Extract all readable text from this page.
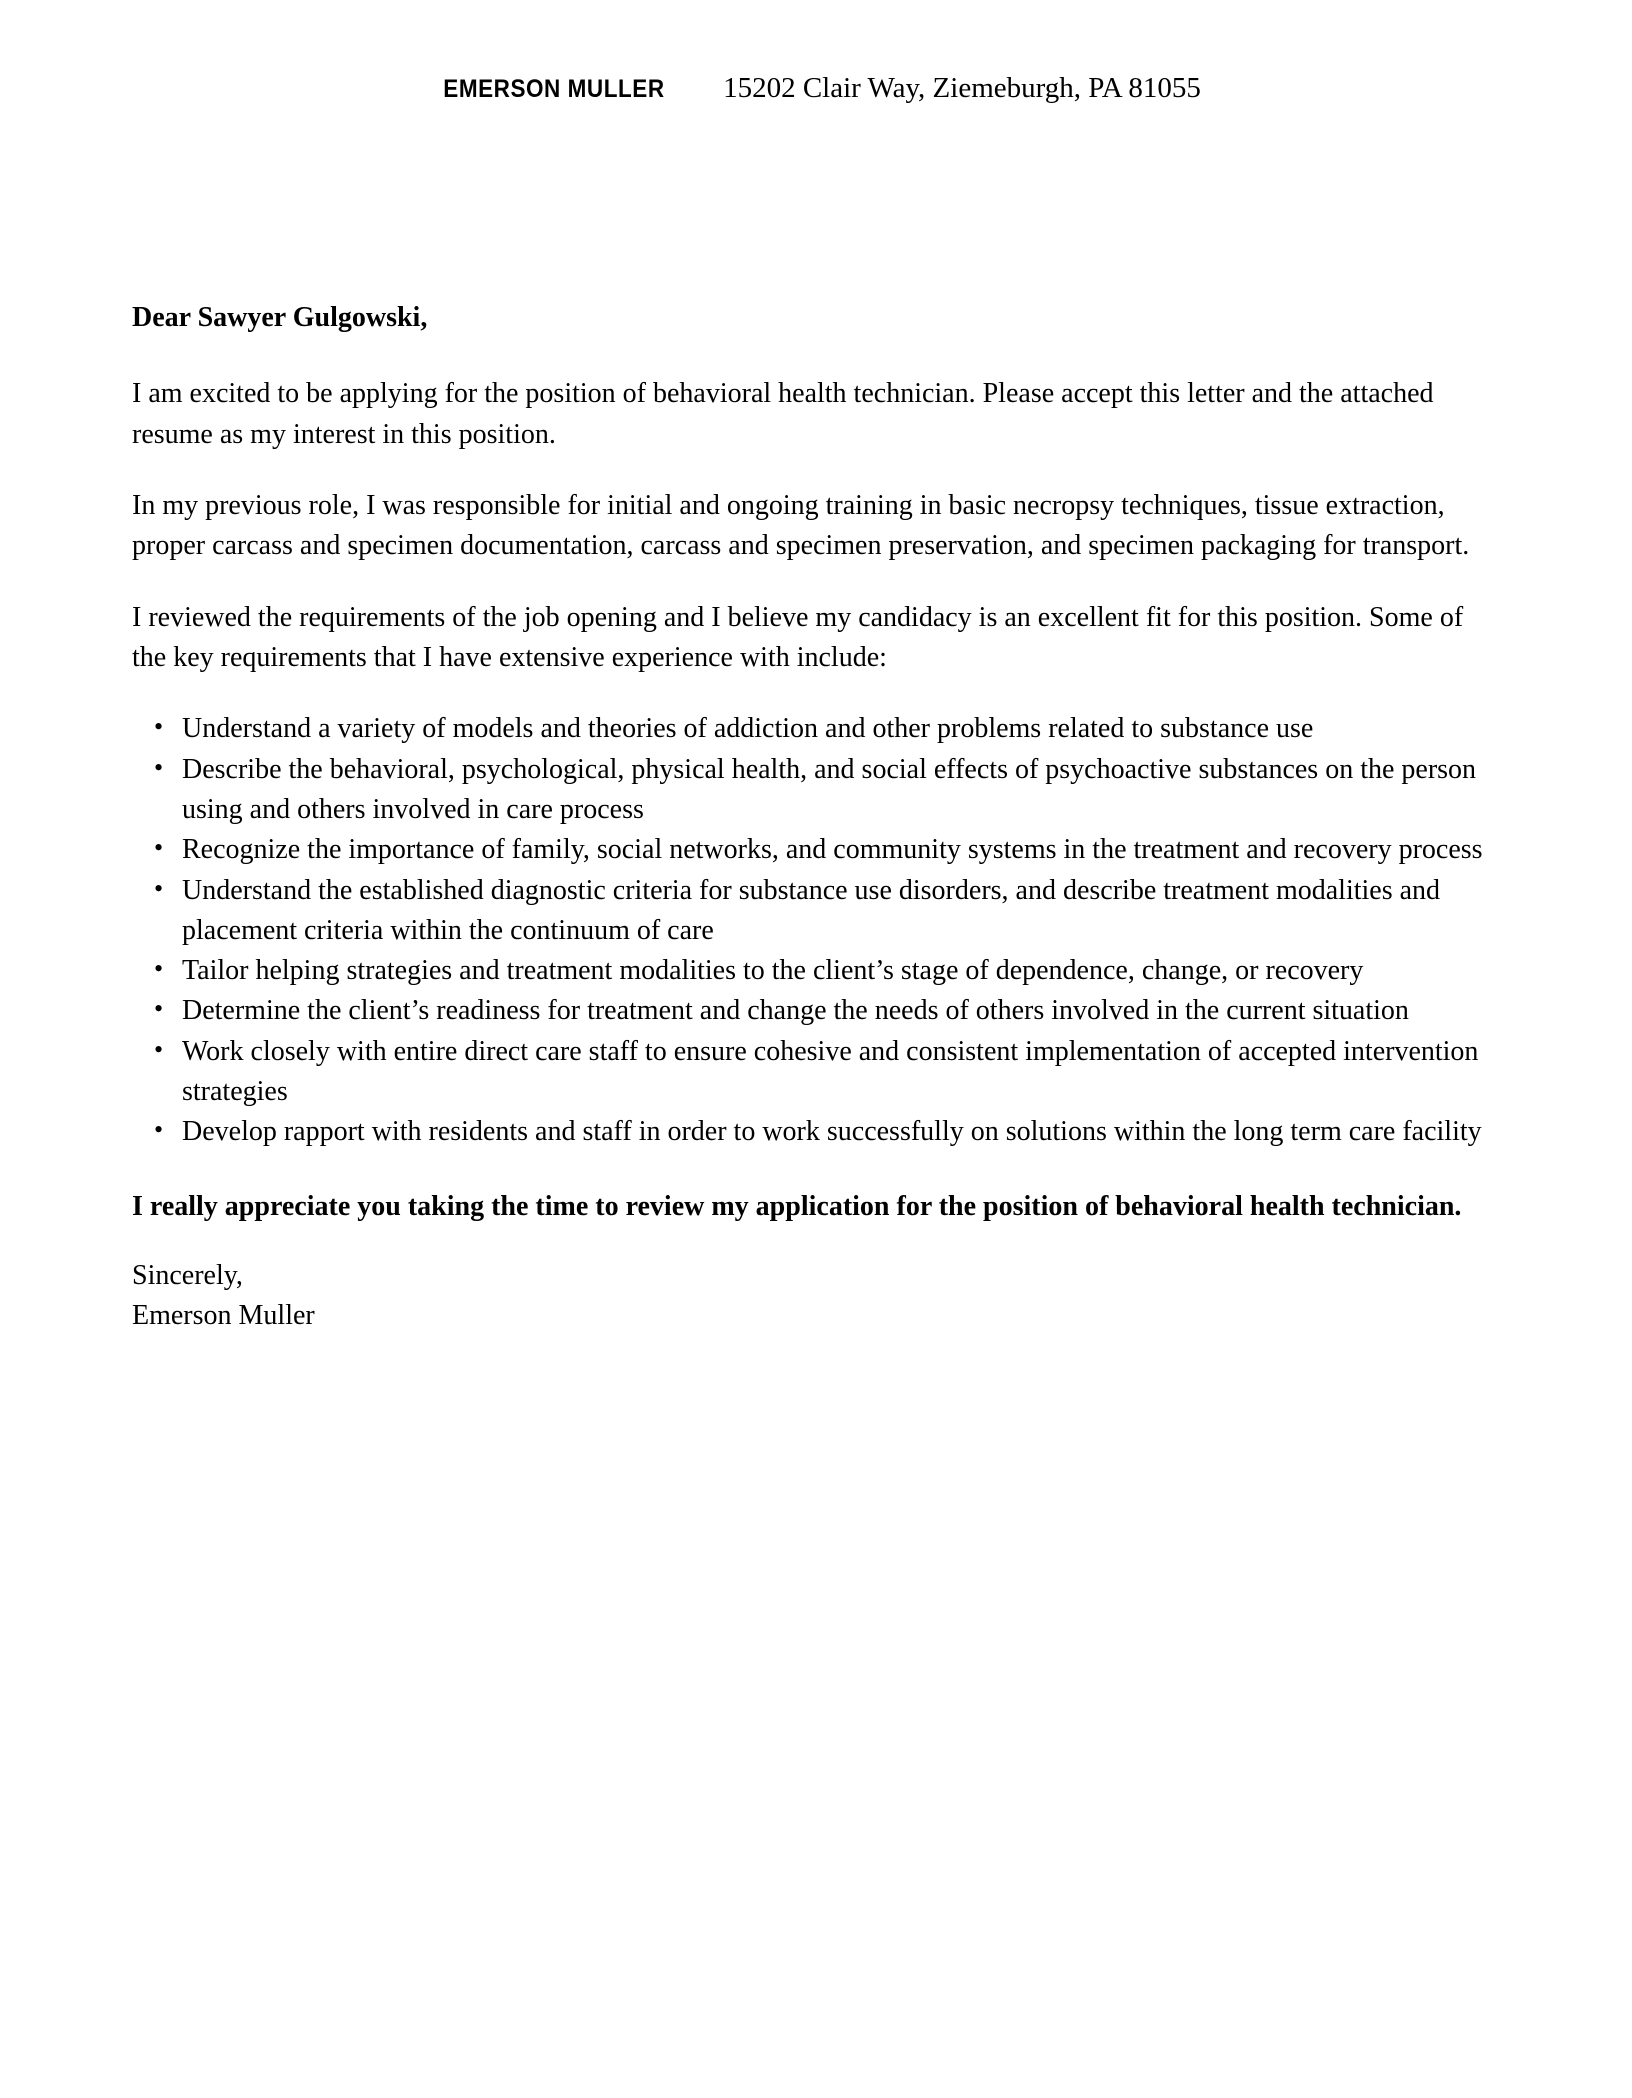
EMERSON MULLER 15202 Clair Way, Ziemeburgh, PA 81055
Dear Sawyer Gulgowski,

I am excited to be applying for the position of behavioral health technician. Please accept this letter and the attached resume as my interest in this position.

In my previous role, I was responsible for initial and ongoing training in basic necropsy techniques, tissue extraction, proper carcass and specimen documentation, carcass and specimen preservation, and specimen packaging for transport.

I reviewed the requirements of the job opening and I believe my candidacy is an excellent fit for this position. Some of the key requirements that I have extensive experience with include:

• Understand a variety of models and theories of addiction and other problems related to substance use
• Describe the behavioral, psychological, physical health, and social effects of psychoactive substances on the person using and others involved in care process
• Recognize the importance of family, social networks, and community systems in the treatment and recovery process
• Understand the established diagnostic criteria for substance use disorders, and describe treatment modalities and placement criteria within the continuum of care
• Tailor helping strategies and treatment modalities to the client’s stage of dependence, change, or recovery
• Determine the client’s readiness for treatment and change the needs of others involved in the current situation
• Work closely with entire direct care staff to ensure cohesive and consistent implementation of accepted intervention strategies
• Develop rapport with residents and staff in order to work successfully on solutions within the long term care facility

I really appreciate you taking the time to review my application for the position of behavioral health technician.

Sincerely,
Emerson Muller
